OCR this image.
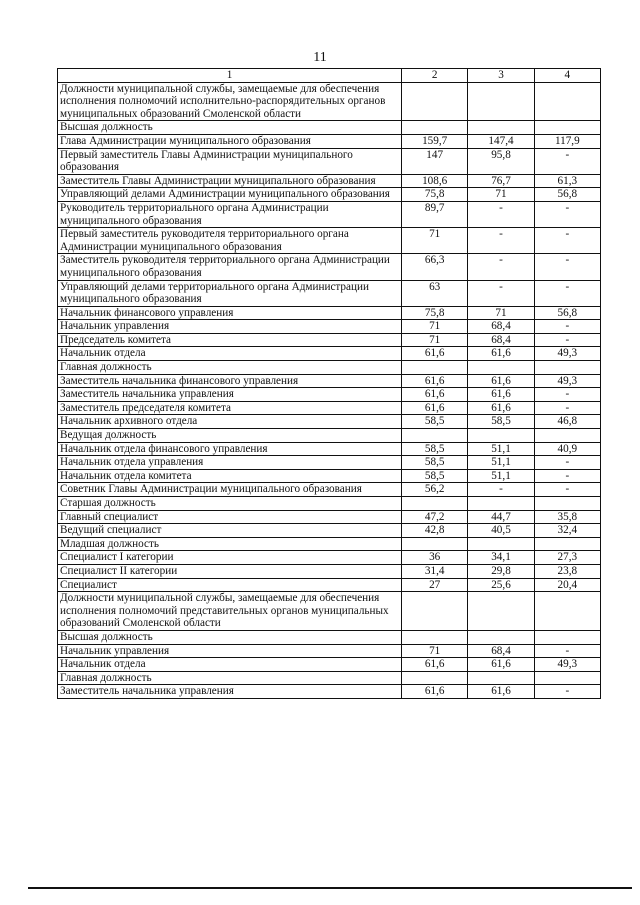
11
1	2	3	4
Должности муниципальной службы, замещаемые для обеспечения исполнения полномочий исполнительно-распорядительных органов муниципальных образований Смоленской области			
Высшая должность			
Глава Администрации муниципального образования	159,7	147,4	117,9
Первый заместитель Главы Администрации муниципального образования	147	95,8	-
Заместитель Главы Администрации муниципального образования	108,6	76,7	61,3
Управляющий делами Администрации муниципального образования	75,8	71	56,8
Руководитель территориального органа Администрации муниципального образования	89,7	-	-
Первый заместитель руководителя территориального органа Администрации муниципального образования	71	-	-
Заместитель руководителя территориального органа Администрации муниципального образования	66,3	-	-
Управляющий делами территориального органа Администрации муниципального образования	63	-	-
Начальник финансового управления	75,8	71	56,8
Начальник управления	71	68,4	-
Председатель комитета	71	68,4	-
Начальник отдела	61,6	61,6	49,3
Главная должность			
Заместитель начальника финансового управления	61,6	61,6	49,3
Заместитель начальника управления	61,6	61,6	-
Заместитель председателя комитета	61,6	61,6	-
Начальник архивного отдела	58,5	58,5	46,8
Ведущая должность			
Начальник отдела финансового управления	58,5	51,1	40,9
Начальник отдела управления	58,5	51,1	-
Начальник отдела комитета	58,5	51,1	-
Советник Главы Администрации муниципального образования	56,2	-	-
Старшая должность			
Главный специалист	47,2	44,7	35,8
Ведущий специалист	42,8	40,5	32,4
Младшая должность			
Специалист I категории	36	34,1	27,3
Специалист II категории	31,4	29,8	23,8
Специалист	27	25,6	20,4
Должности муниципальной службы, замещаемые для обеспечения исполнения полномочий представительных органов муниципальных образований Смоленской области			
Высшая должность			
Начальник управления	71	68,4	-
Начальник отдела	61,6	61,6	49,3
Главная должность			
Заместитель начальника управления	61,6	61,6	-
